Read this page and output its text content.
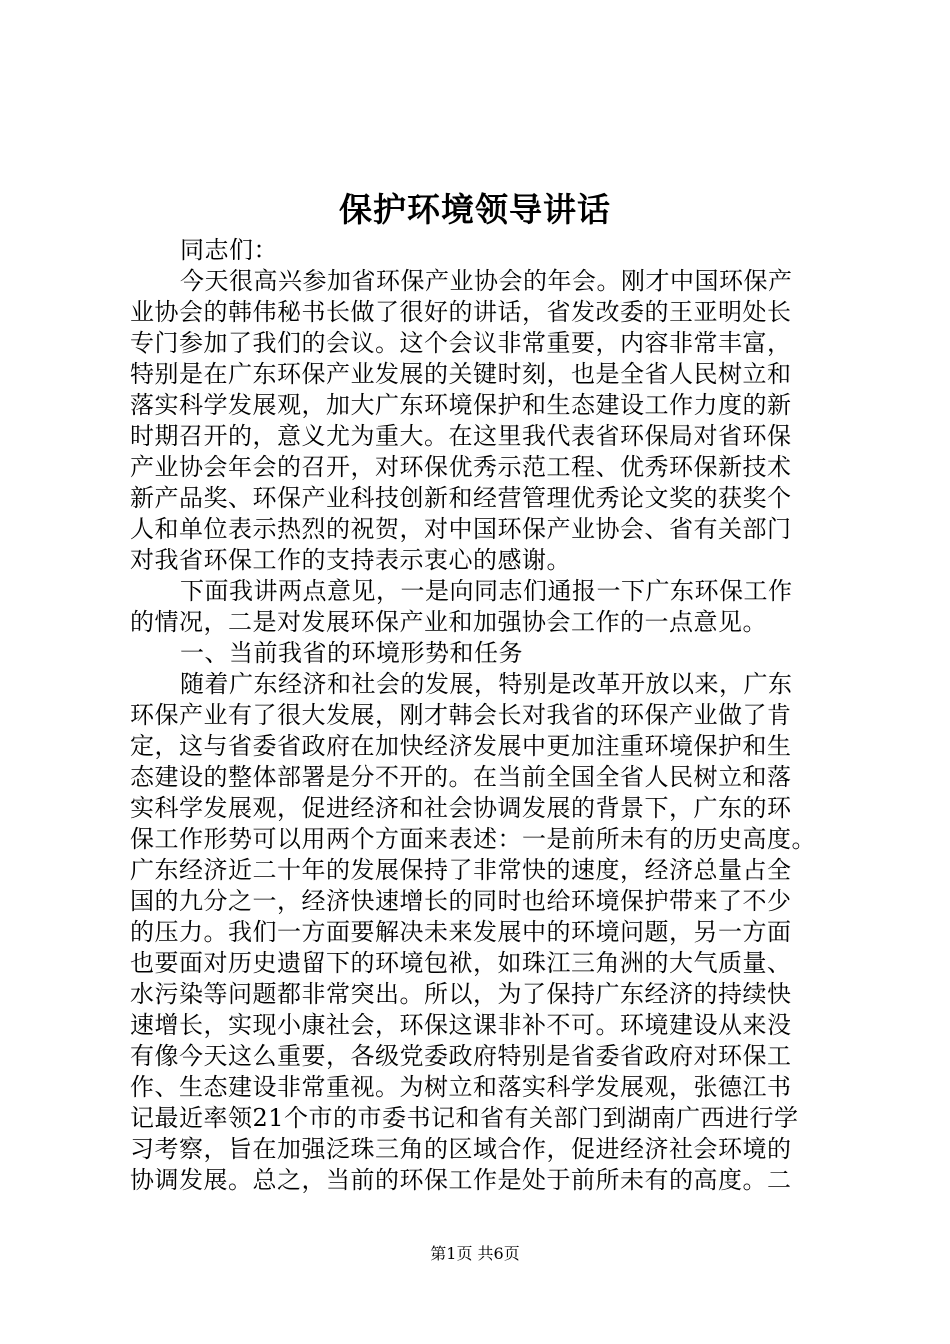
保护环境领导讲话
同志们：
今天很高兴参加省环保产业协会的年会。刚才中国环保产
业协会的韩伟秘书长做了很好的讲话，省发改委的王亚明处长
专门参加了我们的会议。这个会议非常重要，内容非常丰富，
特别是在广东环保产业发展的关键时刻，也是全省人民树立和
落实科学发展观，加大广东环境保护和生态建设工作力度的新
时期召开的，意义尤为重大。在这里我代表省环保局对省环保
产业协会年会的召开，对环保优秀示范工程、优秀环保新技术
新产品奖、环保产业科技创新和经营管理优秀论文奖的获奖个
人和单位表示热烈的祝贺，对中国环保产业协会、省有关部门
对我省环保工作的支持表示衷心的感谢。
下面我讲两点意见，一是向同志们通报一下广东环保工作
的情况，二是对发展环保产业和加强协会工作的一点意见。
一、当前我省的环境形势和任务
随着广东经济和社会的发展，特别是改革开放以来，广东
环保产业有了很大发展，刚才韩会长对我省的环保产业做了肯
定，这与省委省政府在加快经济发展中更加注重环境保护和生
态建设的整体部署是分不开的。在当前全国全省人民树立和落
实科学发展观，促进经济和社会协调发展的背景下，广东的环
保工作形势可以用两个方面来表述：一是前所未有的历史高度。
广东经济近二十年的发展保持了非常快的速度，经济总量占全
国的九分之一，经济快速增长的同时也给环境保护带来了不少
的压力。我们一方面要解决未来发展中的环境问题，另一方面
也要面对历史遗留下的环境包袱，如珠江三角洲的大气质量、
水污染等问题都非常突出。所以，为了保持广东经济的持续快
速增长，实现小康社会，环保这课非补不可。环境建设从来没
有像今天这么重要，各级党委政府特别是省委省政府对环保工
作、生态建设非常重视。为树立和落实科学发展观，张德江书
记最近率领21个市的市委书记和省有关部门到湖南广西进行学
习考察，旨在加强泛珠三角的区域合作，促进经济社会环境的
协调发展。总之，当前的环保工作是处于前所未有的高度。二
第1页 共6页
